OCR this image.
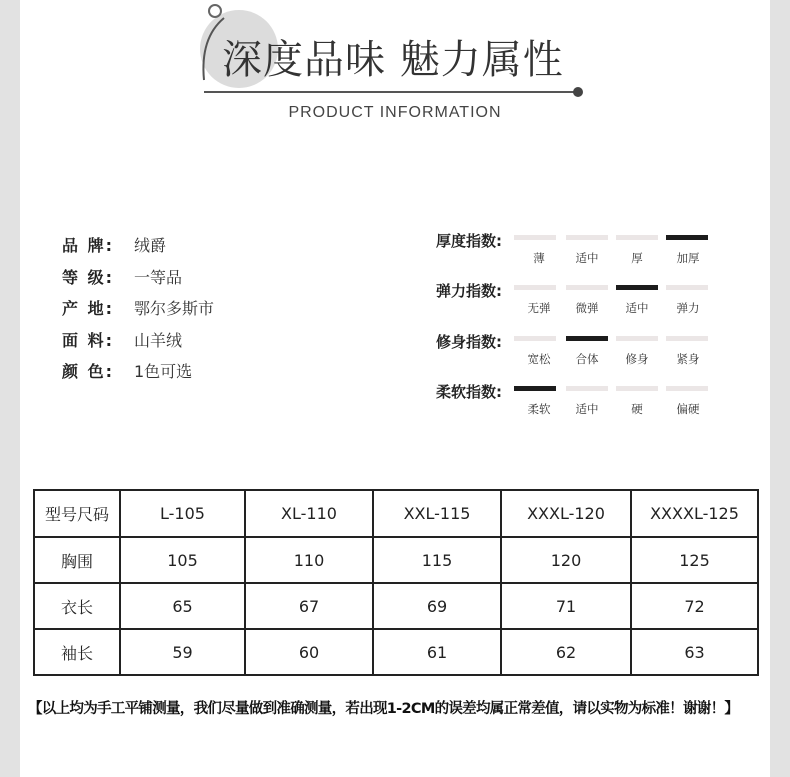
深度品味 魅力属性
PRODUCT INFORMATION
品 牌:	绒爵
等 级:	一等品
产 地:	鄂尔多斯市
面 料:	山羊绒
颜 色:	1色可选
厚度指数:
薄	适中	厚	加厚
弹力指数:
无弹	微弹	适中	弹力
修身指数:
宽松	合体	修身	紧身
柔软指数:
柔软	适中	硬	偏硬
型号尺码	L-105	XL-110	XXL-115	XXXL-120	XXXXL-125
胸围	105	110	115	120	125
衣长	65	67	69	71	72
袖长	59	60	61	62	63
【以上均为手工平铺测量，我们尽量做到准确测量，若出现1-2CM的误差均属正常差值，请以实物为标准！谢谢！】
